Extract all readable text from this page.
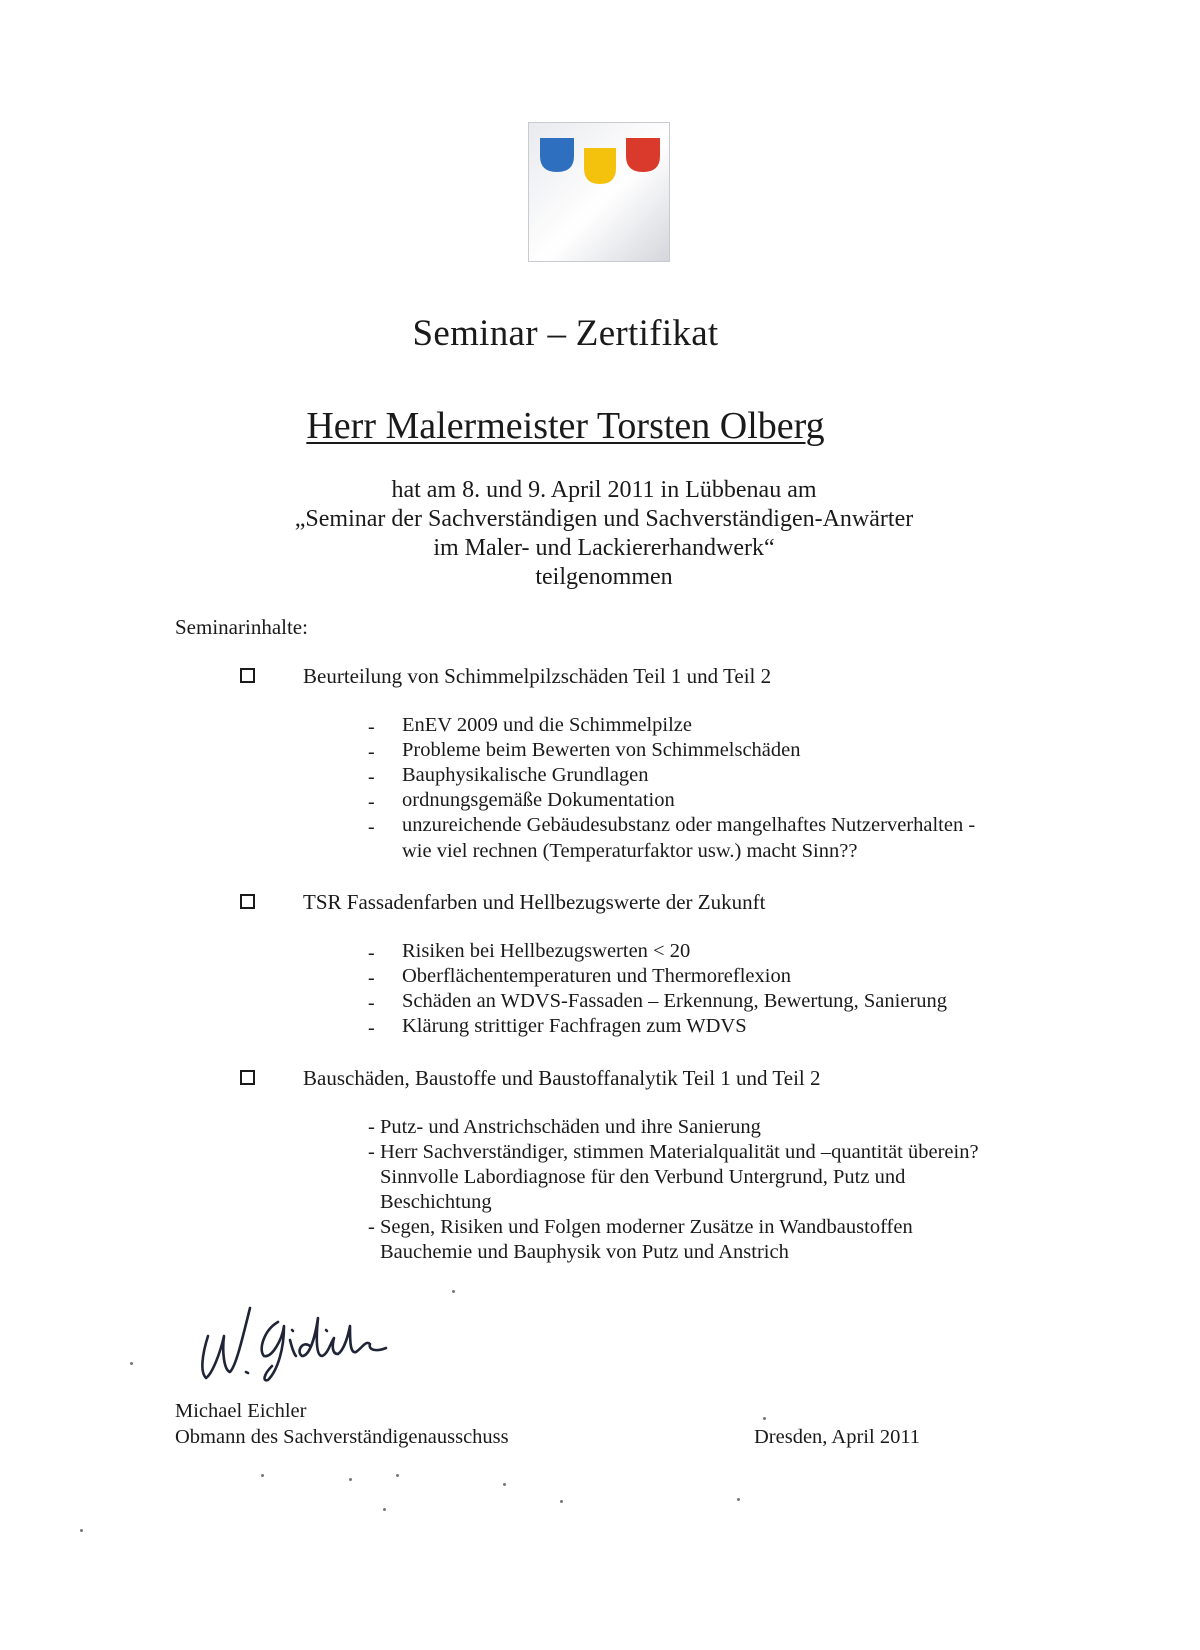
Seminar – Zertifikat
Herr Malermeister Torsten Olberg
hat am 8. und 9. April 2011 in Lübbenau am
„Seminar der Sachverständigen und Sachverständigen-Anwärter
im Maler- und Lackiererhandwerk“
teilgenommen
Seminarinhalte:
Beurteilung von Schimmelpilzschäden Teil 1 und Teil 2
- EnEV 2009 und die Schimmelpilze
- Probleme beim Bewerten von Schimmelschäden
- Bauphysikalische Grundlagen
- ordnungsgemäße Dokumentation
- unzureichende Gebäudesubstanz oder mangelhaftes Nutzerverhalten -
wie viel rechnen (Temperaturfaktor usw.) macht Sinn??
TSR Fassadenfarben und Hellbezugswerte der Zukunft
- Risiken bei Hellbezugswerten < 20
- Oberflächentemperaturen und Thermoreflexion
- Schäden an WDVS-Fassaden – Erkennung, Bewertung, Sanierung
- Klärung strittiger Fachfragen zum WDVS
Bauschäden, Baustoffe und Baustoffanalytik Teil 1 und Teil 2
- Putz- und Anstrichschäden und ihre Sanierung
- Herr Sachverständiger, stimmen Materialqualität und –quantität überein?
Sinnvolle Labordiagnose für den Verbund Untergrund, Putz und
Beschichtung
- Segen, Risiken und Folgen moderner Zusätze in Wandbaustoffen
Bauchemie und Bauphysik von Putz und Anstrich
Michael Eichler
Obmann des Sachverständigenausschuss	Dresden, April 2011
